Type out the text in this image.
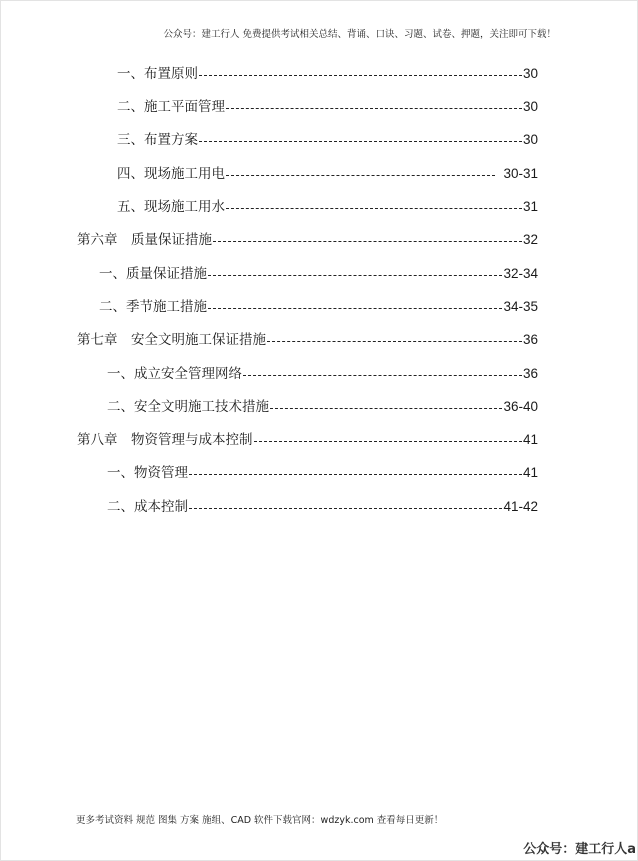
公众号：建工行人 免费提供考试相关总结、背诵、口诀、习题、试卷、押题，关注即可下载！
一、布置原则	30
二、施工平面管理	30
三、布置方案	30
四、现场施工用电	30-31
五、现场施工用水	31
第六章　质量保证措施	32
一、质量保证措施	32-34
二、季节施工措施	34-35
第七章　安全文明施工保证措施	36
一、成立安全管理网络	36
二、安全文明施工技术措施	36-40
第八章　物资管理与成本控制	41
一、物资管理	41
二、成本控制	41-42
更多考试资料 规范 图集 方案 施组、CAD 软件下载官网：wdzyk.com 查看每日更新！
公众号：建工行人a
